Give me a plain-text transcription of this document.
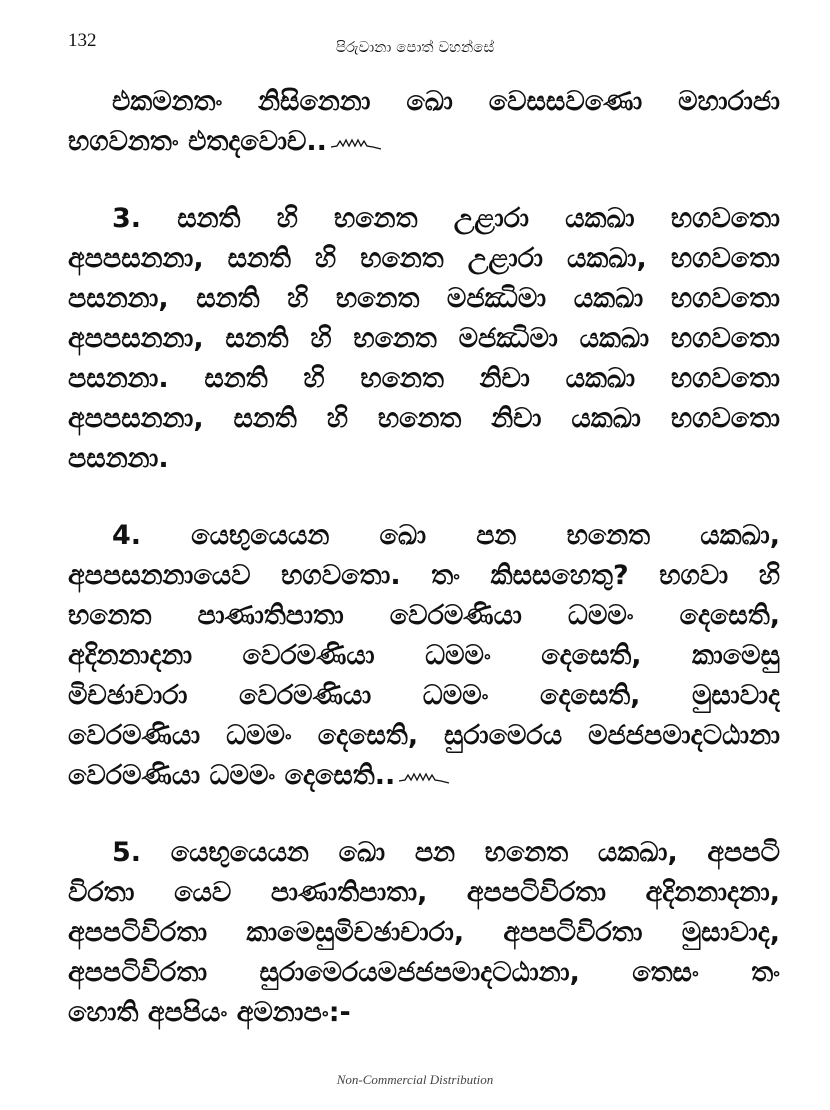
132	පිරුවානා පොත් වහන්සේ

එකමනතං නිසිනෙනා ඛො වෙසසවණො මහාරාජා
භගවනතං එතදවොච..

3. සනති හි භනෙත උළාරා යකඛා භගවතො
අපපසනනා, සනති හි භනෙත උළාරා යකඛා, භගවතො
පසනනා, සනති හි භනෙත මජඣිමා යකඛා භගවතො
අපපසනනා, සනති හි භනෙත මජඣිමා යකඛා භගවතො
පසනනා. සනති හි භනෙත නිචා යකඛා භගවතො
අපපසනනා, සනති හි භනෙත නිචා යකඛා භගවතො
පසනනා.

4. යෙභුයෙයන ඛො පන භනෙත යකඛා,
අපපසනනායෙව භගවතො. තං කිසසහෙතු? භගවා හි
භනෙත පාණාතිපාතා වෙරමණියා ධමමං දෙසෙති,
අදිනනාදනා වෙරමණියා ධමමං දෙසෙති, කාමෙසු
මිචඡාචාරා වෙරමණියා ධමමං දෙසෙති, මුසාවාද
වෙරමණියා ධමමං දෙසෙති, සුරාමෙරය මජජපමාදටඨානා
වෙරමණියා ධමමං දෙසෙති..

5. යෙභුයෙයන ඛො පන භනෙත යකඛා, අපපටි
විරතා යෙව පාණාතිපාතා, අපපටිවිරතා අදිනනාදනා,
අපපටිවිරතා කාමෙසුමිචඡාචාරා, අපපටිවිරතා මුසාවාද,
අපපටිවිරතා සුරාමෙරයමජජපමාදටඨානා, තෙසං තං
හොති අපපියං අමනාපං:-

Non-Commercial Distribution
